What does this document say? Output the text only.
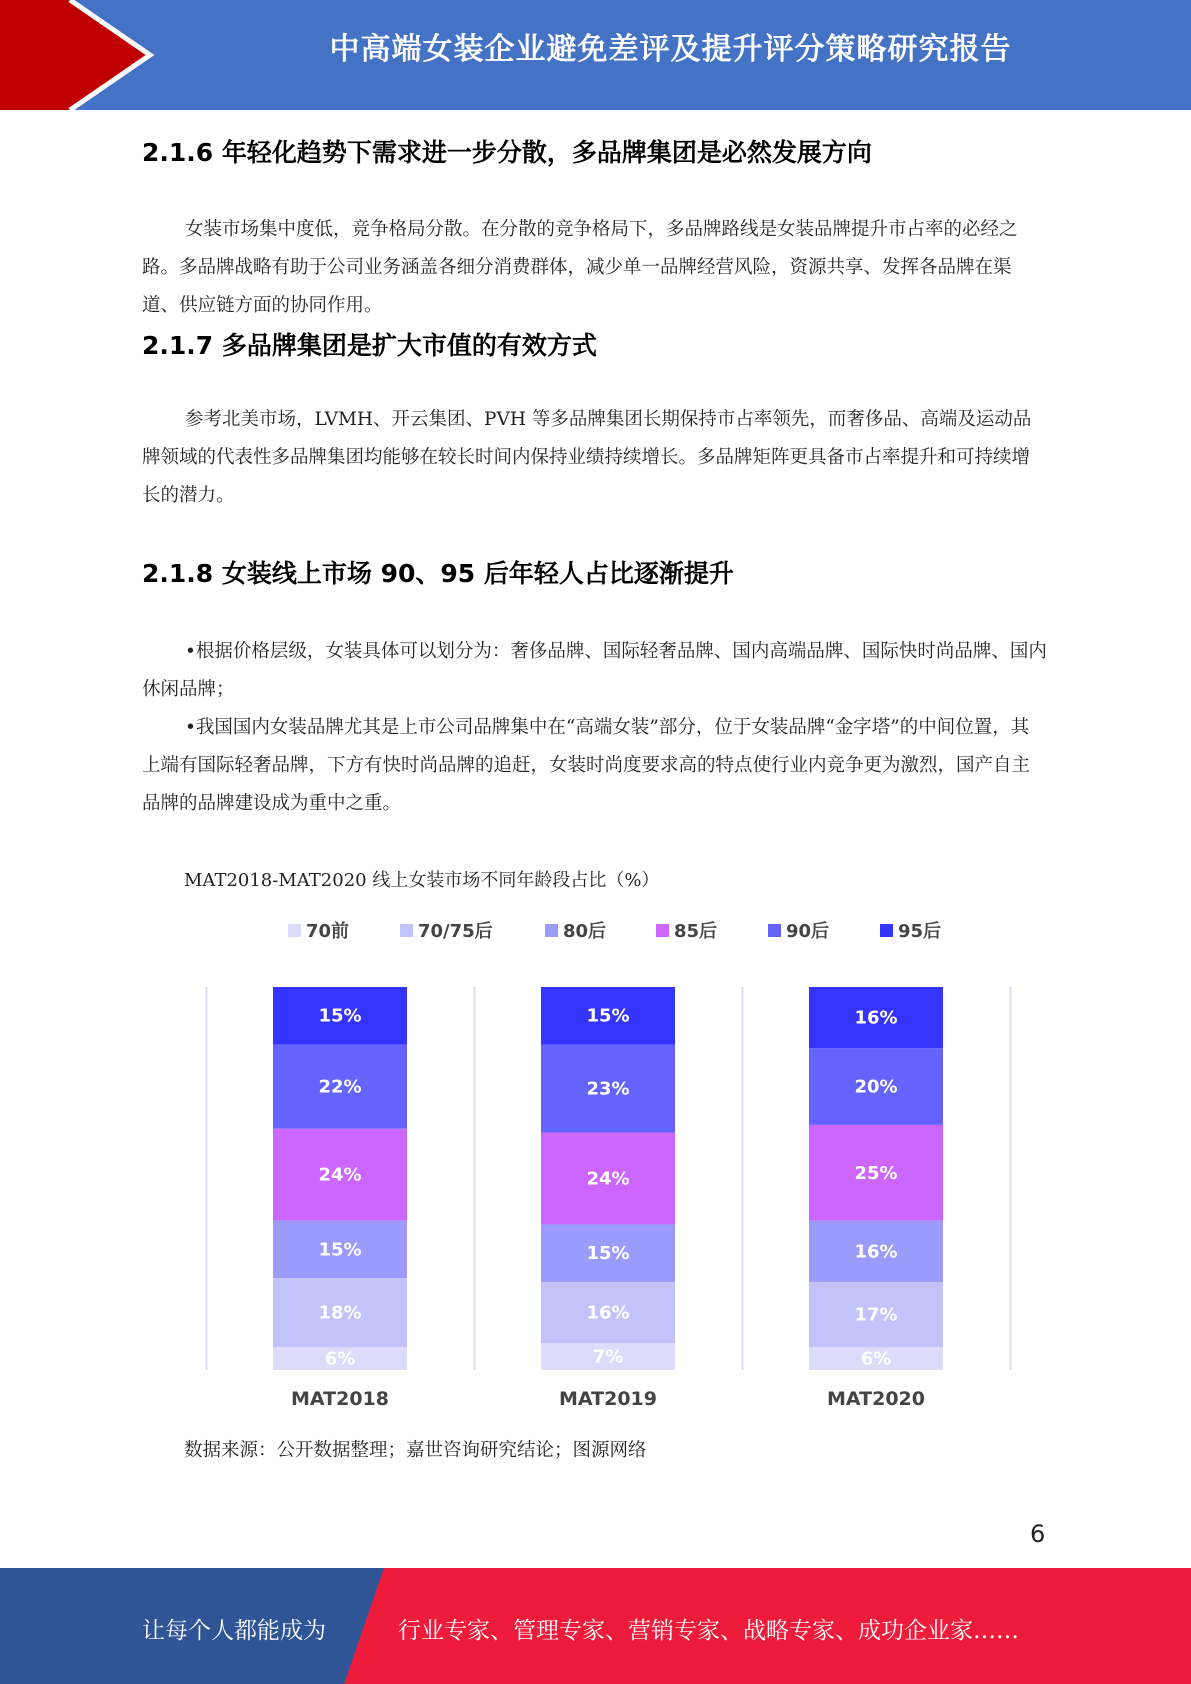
中高端女装企业避免差评及提升评分策略研究报告
2.1.6 年轻化趋势下需求进一步分散，多品牌集团是必然发展方向

女装市场集中度低，竞争格局分散。在分散的竞争格局下，多品牌路线是女装品牌提升市占率的必经之路。多品牌战略有助于公司业务涵盖各细分消费群体，减少单一品牌经营风险，资源共享、发挥各品牌在渠道、供应链方面的协同作用。

2.1.7 多品牌集团是扩大市值的有效方式

参考北美市场，LVMH、开云集团、PVH 等多品牌集团长期保持市占率领先，而奢侈品、高端及运动品牌领域的代表性多品牌集团均能够在较长时间内保持业绩持续增长。多品牌矩阵更具备市占率提升和可持续增长的潜力。

2.1.8 女装线上市场 90、95 后年轻人占比逐渐提升

•根据价格层级，女装具体可以划分为：奢侈品牌、国际轻奢品牌、国内高端品牌、国际快时尚品牌、国内休闲品牌；

•我国国内女装品牌尤其是上市公司品牌集中在“高端女装”部分，位于女装品牌“金字塔”的中间位置，其上端有国际轻奢品牌，下方有快时尚品牌的追赶，女装时尚度要求高的特点使行业内竞争更为激烈，国产自主品牌的品牌建设成为重中之重。

MAT2018-MAT2020 线上女装市场不同年龄段占比（%）
70前	70/75后	80后	85后	90后	95后
6%
18%
15%
24%
22%
15%
MAT2018
7%
16%
15%
24%
23%
15%
MAT2019
6%
17%
16%
25%
20%
16%
MAT2020
数据来源：公开数据整理；嘉世咨询研究结论；图源网络
6
让每个人都能成为	行业专家、管理专家、营销专家、战略专家、成功企业家……
